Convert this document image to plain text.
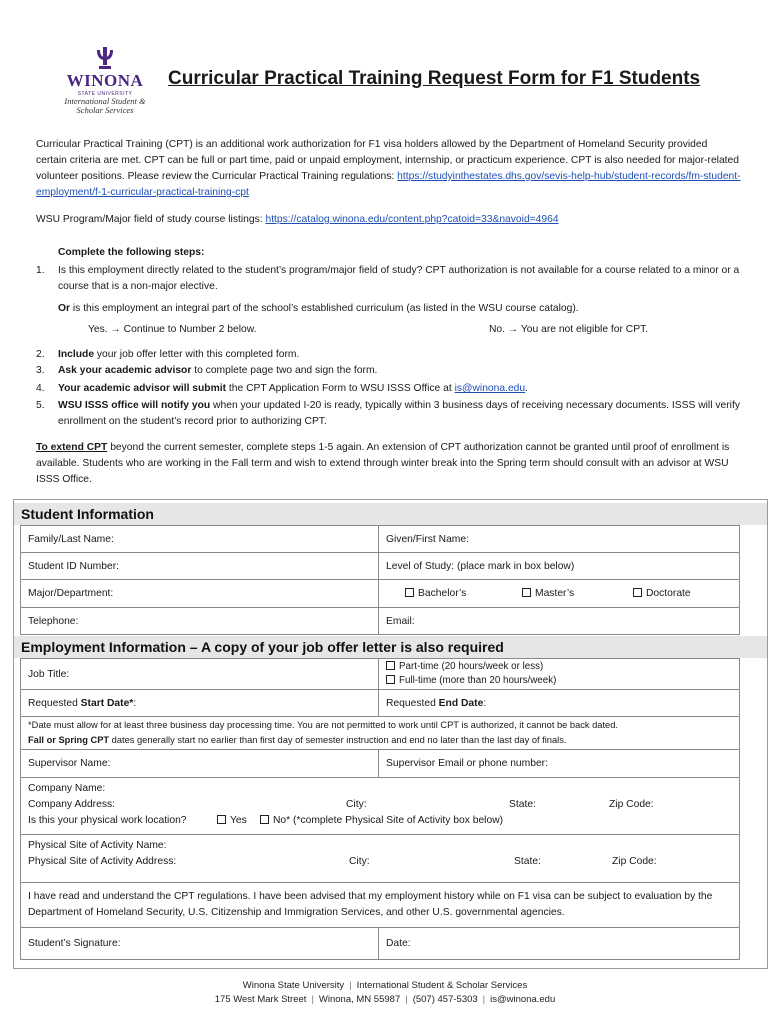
WINONA
STATE UNIVERSITY
International Student &
Scholar Services
Curricular Practical Training Request Form for F1 Students
Curricular Practical Training (CPT) is an additional work authorization for F1 visa holders allowed by the Department of Homeland Security provided certain criteria are met. CPT can be full or part time, paid or unpaid employment, internship, or practicum experience. CPT is also needed for major-related volunteer positions. Please review the Curricular Practical Training regulations: https://studyinthestates.dhs.gov/sevis-help-hub/student-records/fm-student-employment/f-1-curricular-practical-training-cpt
WSU Program/Major field of study course listings: https://catalog.winona.edu/content.php?catoid=33&navoid=4964
Complete the following steps:
1.	Is this employment directly related to the student’s program/major field of study? CPT authorization is not available for a course related to a minor or a course that is a non-major elective.
Or is this employment an integral part of the school’s established curriculum (as listed in the WSU course catalog).
Yes. → Continue to Number 2 below.	No. → You are not eligible for CPT.
2.	Include your job offer letter with this completed form.
3.	Ask your academic advisor to complete page two and sign the form.
4.	Your academic advisor will submit the CPT Application Form to WSU ISSS Office at is@winona.edu.
5.	WSU ISSS office will notify you when your updated I-20 is ready, typically within 3 business days of receiving necessary documents. ISSS will verify enrollment on the student’s record prior to authorizing CPT.
To extend CPT beyond the current semester, complete steps 1-5 again. An extension of CPT authorization cannot be granted until proof of enrollment is available. Students who are working in the Fall term and wish to extend through winter break into the Spring term should consult with an advisor at WSU ISSS Office.
Student Information
Family/Last Name:	Given/First Name:
Student ID Number:	Level of Study: (place mark in box below)
Major/Department:	Bachelor’s	Master’s	Doctorate
Telephone:	Email:
Employment Information – A copy of your job offer letter is also required
Job Title:
Part-time (20 hours/week or less)
Full-time (more than 20 hours/week)
Requested Start Date*:	Requested End Date:
*Date must allow for at least three business day processing time. You are not permitted to work until CPT is authorized, it cannot be back dated.
Fall or Spring CPT dates generally start no earlier than first day of semester instruction and end no later than the last day of finals.
Supervisor Name:	Supervisor Email or phone number:
Company Name:
Company Address:	City:	State:	Zip Code:
Is this your physical work location?	Yes	No* (*complete Physical Site of Activity box below)
Physical Site of Activity Name:
Physical Site of Activity Address:	City:	State:	Zip Code:
I have read and understand the CPT regulations. I have been advised that my employment history while on F1 visa can be subject to evaluation by the Department of Homeland Security, U.S. Citizenship and Immigration Services, and other U.S. governmental agencies.
Student’s Signature:	Date:
Winona State University | International Student & Scholar Services
175 West Mark Street | Winona, MN 55987 | (507) 457-5303 | is@winona.edu
